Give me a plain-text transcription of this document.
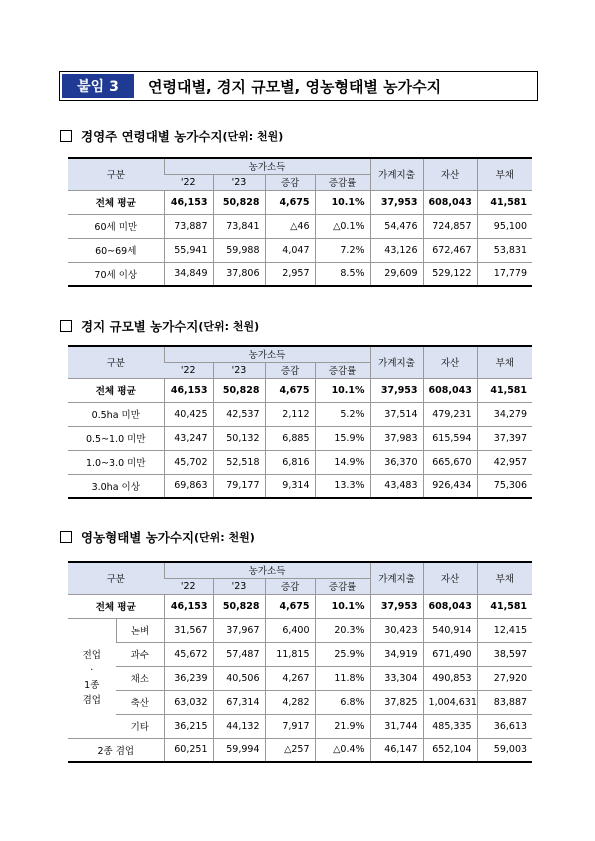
붙임 3	연령대별, 경지 규모별, 영농형태별 농가수지
경영주 연령대별 농가수지 (단위: 천원)
구분	농가소득				가계지출	자산	부채
	'22	'23	증감	증감률			
전체 평균	46,153	50,828	4,675	10.1%	37,953	608,043	41,581
60세 미만	73,887	73,841	△46	△0.1%	54,476	724,857	95,100
60~69세	55,941	59,988	4,047	7.2%	43,126	672,467	53,831
70세 이상	34,849	37,806	2,957	8.5%	29,609	529,122	17,779
경지 규모별 농가수지 (단위: 천원)
구분	농가소득				가계지출	자산	부채
	'22	'23	증감	증감률			
전체 평균	46,153	50,828	4,675	10.1%	37,953	608,043	41,581
0.5ha 미만	40,425	42,537	2,112	5.2%	37,514	479,231	34,279
0.5~1.0 미만	43,247	50,132	6,885	15.9%	37,983	615,594	37,397
1.0~3.0 미만	45,702	52,518	6,816	14.9%	36,370	665,670	42,957
3.0ha 이상	69,863	79,177	9,314	13.3%	43,483	926,434	75,306
영농형태별 농가수지 (단위: 천원)
구분		농가소득				가계지출	자산	부채
		'22	'23	증감	증감률			
전체 평균		46,153	50,828	4,675	10.1%	37,953	608,043	41,581
전업
·
1종
겸업	논벼	31,567	37,967	6,400	20.3%	30,423	540,914	12,415
	과수	45,672	57,487	11,815	25.9%	34,919	671,490	38,597
	채소	36,239	40,506	4,267	11.8%	33,304	490,853	27,920
	축산	63,032	67,314	4,282	6.8%	37,825	1,004,631	83,887
	기타	36,215	44,132	7,917	21.9%	31,744	485,335	36,613
2종 겸업		60,251	59,994	△257	△0.4%	46,147	652,104	59,003
